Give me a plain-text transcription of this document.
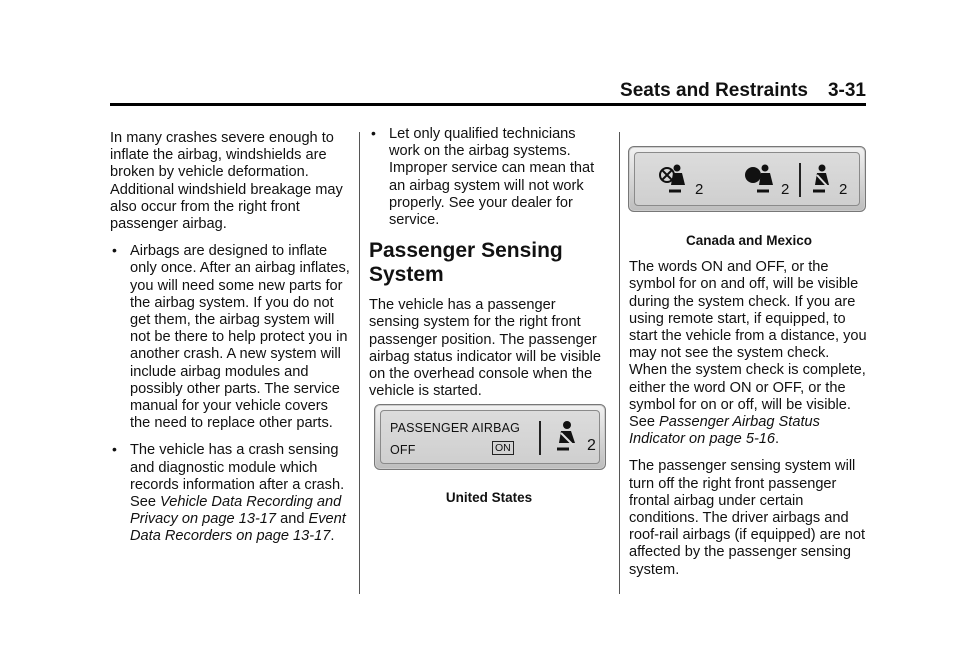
Seats and Restraints 3-31

In many crashes severe enough to inflate the airbag, windshields are broken by vehicle deformation. Additional windshield breakage may also occur from the right front passenger airbag.

• Airbags are designed to inflate only once. After an airbag inflates, you will need some new parts for the airbag system. If you do not get them, the airbag system will not be there to help protect you in another crash. A new system will include airbag modules and possibly other parts. The service manual for your vehicle covers the need to replace other parts.
• The vehicle has a crash sensing and diagnostic module which records information after a crash. See Vehicle Data Recording and Privacy on page 13-17 and Event Data Recorders on page 13-17.
• Let only qualified technicians work on the airbag systems. Improper service can mean that an airbag system will not work properly. See your dealer for service.
Passenger Sensing System

The vehicle has a passenger sensing system for the right front passenger position. The passenger airbag status indicator will be visible on the overhead console when the vehicle is started.

PASSENGER AIRBAG
OFF	ON	2
United States
2	2	2
Canada and Mexico

The words ON and OFF, or the symbol for on and off, will be visible during the system check. If you are using remote start, if equipped, to start the vehicle from a distance, you may not see the system check. When the system check is complete, either the word ON or OFF, or the symbol for on or off, will be visible. See Passenger Airbag Status Indicator on page 5-16.

The passenger sensing system will turn off the right front passenger frontal airbag under certain conditions. The driver airbags and roof-rail airbags (if equipped) are not affected by the passenger sensing system.
